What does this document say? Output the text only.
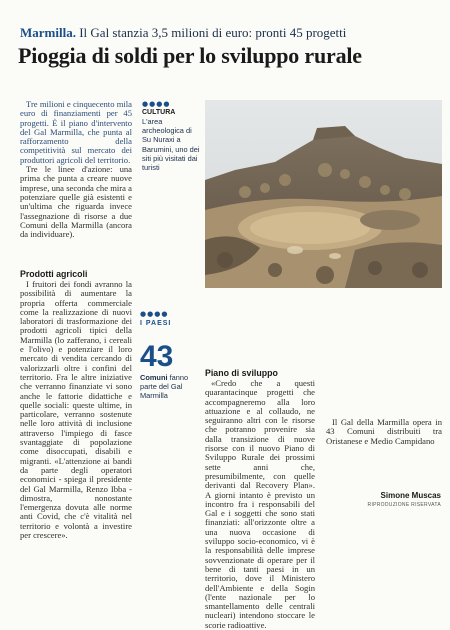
Marmilla. Il Gal stanzia 3,5 milioni di euro: pronti 45 progetti
Pioggia di soldi per lo sviluppo rurale

Tre milioni e cinquecento mila euro di finanziamenti per 45 progetti. È il piano d'intervento del Gal Marmilla, che punta al rafforzamento della competitività sul mercato dei produttori agricoli del territorio.

Tre le linee d'azione: una prima che punta a creare nuove imprese, una seconda che mira a potenziare quelle già esistenti e un'ultima che riguarda invece l'assegnazione di risorse a due Comuni della Marmilla (ancora da individuare).

Prodotti agricoli

I fruitori dei fondi avranno la possibilità di aumentare la propria offerta commerciale come la realizzazione di nuovi laboratori di trasformazione dei prodotti agricoli tipici della Marmilla (lo zafferano, i cereali e l'olivo) e potenziare il loro mercato di vendita cercando di valorizzarli oltre i confini del territorio. Fra le altre iniziative che verranno finanziate vi sono anche le fattorie didattiche e quelle sociali: queste ultime, in particolare, verranno sostenute nelle loro attività di inclusione attraverso l'impiego di fasce svantaggiate di popolazione come disoccupati, disabili e migranti. «L'attenzione ai bandi da parte degli operatori economici - spiega il presidente del Gal Marmilla, Renzo Ibba - dimostra, nonostante l'emergenza dovuta alle norme anti Covid, che c'è vitalità nel territorio e volontà a investire per crescere».

●●●●
CULTURA
L'area archeologica di Su Nuraxi a Barumini, uno dei siti più visitati dai turisti
●●●●
I PAESI
43
Comuni fanno parte del Gal Marmilla
Piano di sviluppo

«Credo che a questi quarantacinque progetti che accompagneremo alla loro attuazione e al collaudo, ne seguiranno altri con le risorse che potranno provenire sia dalla transizione di nuove risorse con il nuovo Piano di Sviluppo Rurale dei prossimi sette anni che, presumibilmente, con quelle derivanti dal Recovery Plan». A giorni intanto è previsto un incontro fra i responsabili del Gal e i soggetti che sono stati finanziati: all'orizzonte oltre a una nuova occasione di sviluppo socio-economico, vi è la responsabilità delle imprese sovvenzionate di operare per il bene di tanti paesi in un territorio, dove il Ministero dell'Ambiente e della Sogin (l'ente nazionale per lo smantellamento delle centrali nucleari) intendono stoccare le scorie radioattive.

Il Gal della Marmilla opera in 43 Comuni distribuiti tra Oristanese e Medio Campidano

Simone Muscas
RIPRODUZIONE RISERVATA
